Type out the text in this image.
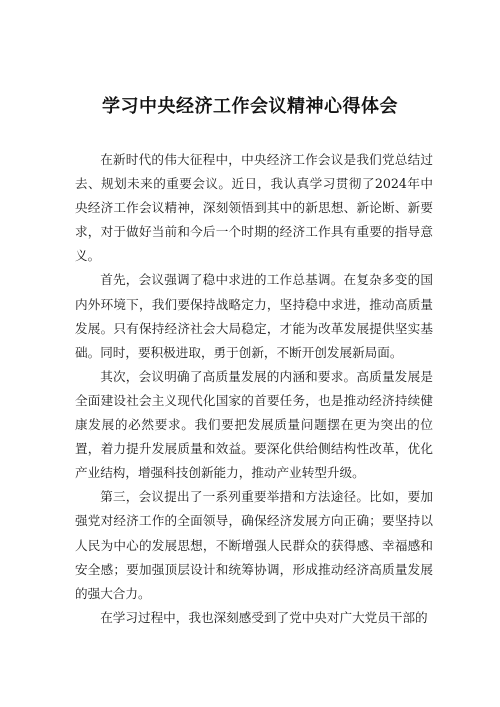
学习中央经济工作会议精神心得体会

在新时代的伟大征程中，中央经济工作会议是我们党总结过去、规划未来的重要会议。近日，我认真学习贯彻了2024年中央经济工作会议精神，深刻领悟到其中的新思想、新论断、新要求，对于做好当前和今后一个时期的经济工作具有重要的指导意义。

首先，会议强调了稳中求进的工作总基调。在复杂多变的国内外环境下，我们要保持战略定力，坚持稳中求进，推动高质量发展。只有保持经济社会大局稳定，才能为改革发展提供坚实基础。同时，要积极进取，勇于创新，不断开创发展新局面。

其次，会议明确了高质量发展的内涵和要求。高质量发展是全面建设社会主义现代化国家的首要任务，也是推动经济持续健康发展的必然要求。我们要把发展质量问题摆在更为突出的位置，着力提升发展质量和效益。要深化供给侧结构性改革，优化产业结构，增强科技创新能力，推动产业转型升级。

第三，会议提出了一系列重要举措和方法途径。比如，要加强党对经济工作的全面领导，确保经济发展方向正确；要坚持以人民为中心的发展思想，不断增强人民群众的获得感、幸福感和安全感；要加强顶层设计和统筹协调，形成推动经济高质量发展的强大合力。

在学习过程中，我也深刻感受到了党中央对广大党员干部的
